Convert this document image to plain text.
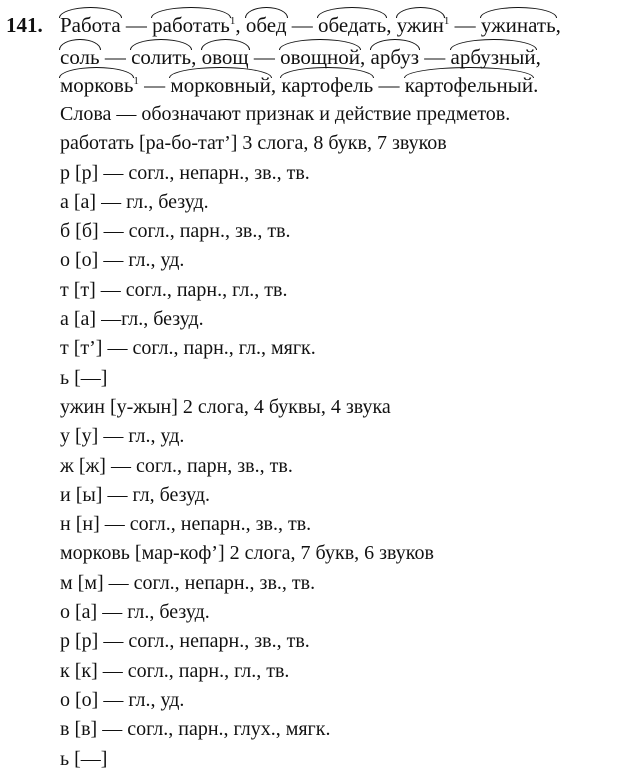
141. Работа — работать$^1$, обед — обедать, ужин$^1$ — ужинать,
соль — солить, овощ — овощной, арбуз — арбузный,
морковь$^1$ — морковный, картофель — картофельный.
Слова — обозначают признак и действие предметов.
работать [ра-бо-тат’] 3 слога, 8 букв, 7 звуков
р [р] — согл., непарн., зв., тв.
а [а] — гл., безуд.
б [б] — согл., парн., зв., тв.
о [о] — гл., уд.
т [т] — согл., парн., гл., тв.
а [а] —гл., безуд.
т [т’] — согл., парн., гл., мягк.
ь [—]
ужин [у-жын] 2 слога, 4 буквы, 4 звука
у [у] — гл., уд.
ж [ж] — согл., парн, зв., тв.
и [ы] — гл, безуд.
н [н] — согл., непарн., зв., тв.
морковь [мар-коф’] 2 слога, 7 букв, 6 звуков
м [м] — согл., непарн., зв., тв.
о [а] — гл., безуд.
р [р] — согл., непарн., зв., тв.
к [к] — согл., парн., гл., тв.
о [о] — гл., уд.
в [в] — согл., парн., глух., мягк.
ь [—]
